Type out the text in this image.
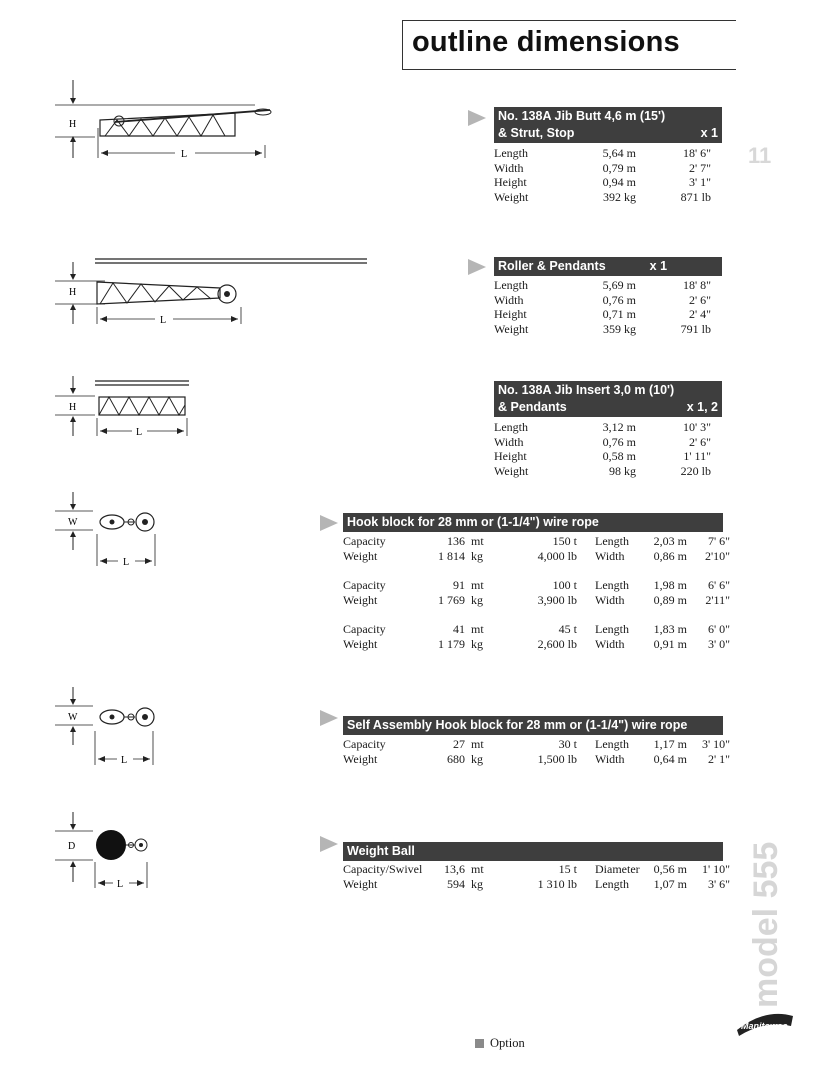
outline dimensions
11
model 555
H
L
No. 138A Jib Butt 4,6 m (15')
& Strut, Stop	x 1
Length	5,64 m	18' 6"
Width	0,79 m	2' 7"
Height	0,94 m	3' 1"
Weight	392 kg	871 lb
H
L
Roller & Pendants	x 1
Length	5,69 m	18' 8"
Width	0,76 m	2' 6"
Height	0,71 m	2' 4"
Weight	359 kg	791 lb
H
L
No. 138A Jib Insert 3,0 m (10')
& Pendants	x 1, 2
Length	3,12 m	10' 3"
Width	0,76 m	2' 6"
Height	0,58 m	1' 11"
Weight	98 kg	220 lb
W
L
Hook block for 28 mm or (1-1/4") wire rope
Capacity	136 mt	150 t	Length	2,03 m	7' 6"
Weight	1 814 kg	4,000 lb	Width	0,86 m	2'10"
Capacity	91 mt	100 t	Length	1,98 m	6' 6"
Weight	1 769 kg	3,900 lb	Width	0,89 m	2'11"
Capacity	41 mt	45 t	Length	1,83 m	6' 0"
Weight	1 179 kg	2,600 lb	Width	0,91 m	3' 0"
W
L
Self Assembly Hook block for 28 mm or (1-1/4") wire rope
Capacity	27 mt	30 t	Length	1,17 m	3' 10"
Weight	680 kg	1,500 lb	Width	0,64 m	2' 1"
D
L
Weight Ball
Capacity/Swivel	13,6 mt	15 t	Diameter	0,56 m	1' 10"
Weight	594 kg	1 310 lb	Length	1,07 m	3' 6"
Manitowoc
Option
